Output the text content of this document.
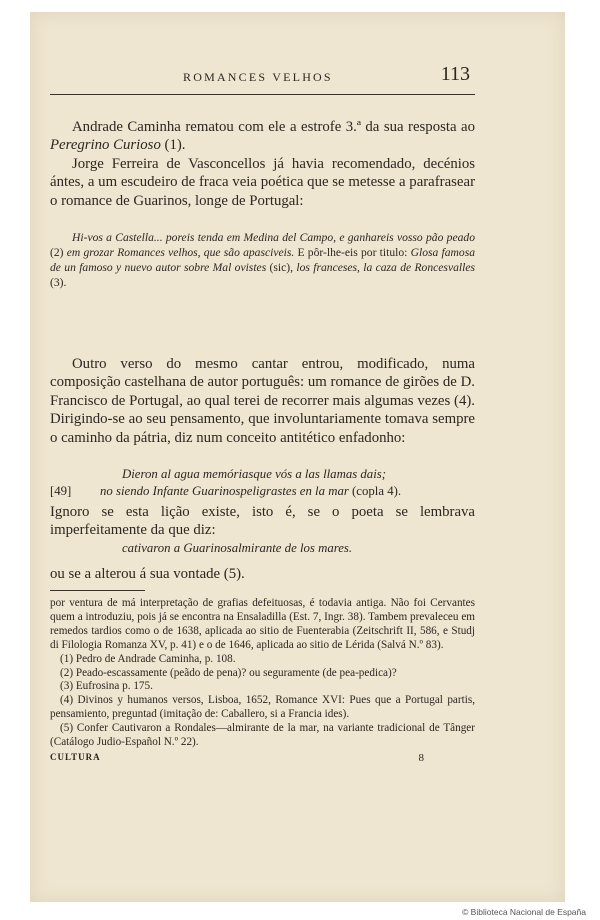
ROMANCES VELHOS	113

Andrade Caminha rematou com ele a estrofe 3.ª da sua resposta ao Peregrino Curioso (1).

Jorge Ferreira de Vasconcellos já havia recomendado, decénios ántes, a um escudeiro de fraca veia poética que se metesse a parafrasear o romance de Guarinos, longe de Portugal:

Hi-vos a Castella... poreis tenda em Medina del Campo, e ganhareis vosso pão peado (2) em grozar Romances velhos, que são apasciveis. E pôr-lhe-eis por titulo: Glosa famosa de un famoso y nuevo autor sobre Mal ovistes (sic), los franceses, la caza de Roncesvalles (3).

Outro verso do mesmo cantar entrou, modificado, numa composição castelhana de autor português: um romance de girões de D. Francisco de Portugal, ao qual terei de recorrer mais algumas vezes (4). Dirigindo-se ao seu pensamento, que involuntariamente tomava sempre o caminho da pátria, diz num conceito antitético enfadonho:

Dieron al agua memóriasque vós a las llamas dais;

[49] no siendo Infante Guarinospeligrastes en la mar (copla 4).

Ignoro se esta lição existe, isto é, se o poeta se lembrava imperfeitamente da que diz:

cativaron a Guarinosalmirante de los mares.

ou se a alterou á sua vontade (5).

por ventura de má interpretação de grafias defeituosas, é todavia antiga. Não foi Cervantes quem a introduziu, pois já se encontra na Ensaladilla (Est. 7, Ingr. 38). Tambem prevaleceu em remedos tardios como o de 1638, aplicada ao sitio de Fuenterabia (Zeitschrift II, 586, e Studj di Filologia Romanza XV, p. 41) e o de 1646, aplicada ao sitio de Lérida (Salvá N.º 83).

(1) Pedro de Andrade Caminha, p. 108.

(2) Peado-escassamente (peãdo de pena)? ou seguramente (de pea-pedica)?

(3) Eufrosina p. 175.

(4) Divinos y humanos versos, Lisboa, 1652, Romance XVI: Pues que a Portugal partis, pensamiento, preguntad (imitação de: Caballero, si a Francia ides).

(5) Confer Cautivaron a Rondales—almirante de la mar, na variante tradicional de Tânger (Catálogo Judio-Español N.º 22).

CULTURA	8
© Biblioteca Nacional de España
